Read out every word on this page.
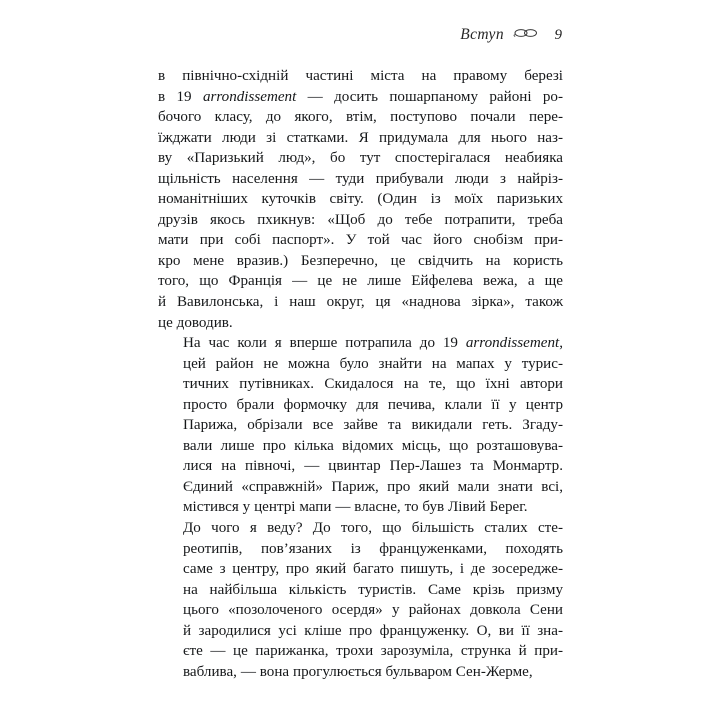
Вступ	9

в північно-східній частині міста на правому березі
в 19 arrondissement — досить пошарпаному районі ро-
бочого класу, до якого, втім, поступово почали пере-
їжджати люди зі статками. Я придумала для нього наз-
ву «Паризький люд», бо тут спостерігалася неабияка
щільність населення — туди прибували люди з найріз-
номанітніших куточків світу. (Один із моїх паризьких
друзів якось пхикнув: «Щоб до тебе потрапити, треба
мати при собі паспорт». У той час його снобізм при-
кро мене вразив.) Безперечно, це свідчить на користь
того, що Франція — це не лише Ейфелева вежа, а ще
й Вавилонська, і наш округ, ця «наднова зірка», також
це доводив.

На час коли я вперше потрапила до 19 arrondissement,
цей район не можна було знайти на мапах у турис-
тичних путівниках. Скидалося на те, що їхні автори
просто брали формочку для печива, клали її у центр
Парижа, обрізали все зайве та викидали геть. Згаду-
вали лише про кілька відомих місць, що розташовува-
лися на півночі, — цвинтар Пер-Лашез та Монмартр.
Єдиний «справжній» Париж, про який мали знати всі,
містився у центрі мапи — власне, то був Лівий Берег.

До чого я веду? До того, що більшість сталих сте-
реотипів, пов’язаних із француженками, походять
саме з центру, про який багато пишуть, і де зосередже-
на найбільша кількість туристів. Саме крізь призму
цього «позолоченого осердя» у районах довкола Сени
й зародилися усі кліше про француженку. О, ви її зна-
єте — це парижанка, трохи зарозуміла, струнка й при-
ваблива, — вона прогулюється бульваром Сен-Жерме,
